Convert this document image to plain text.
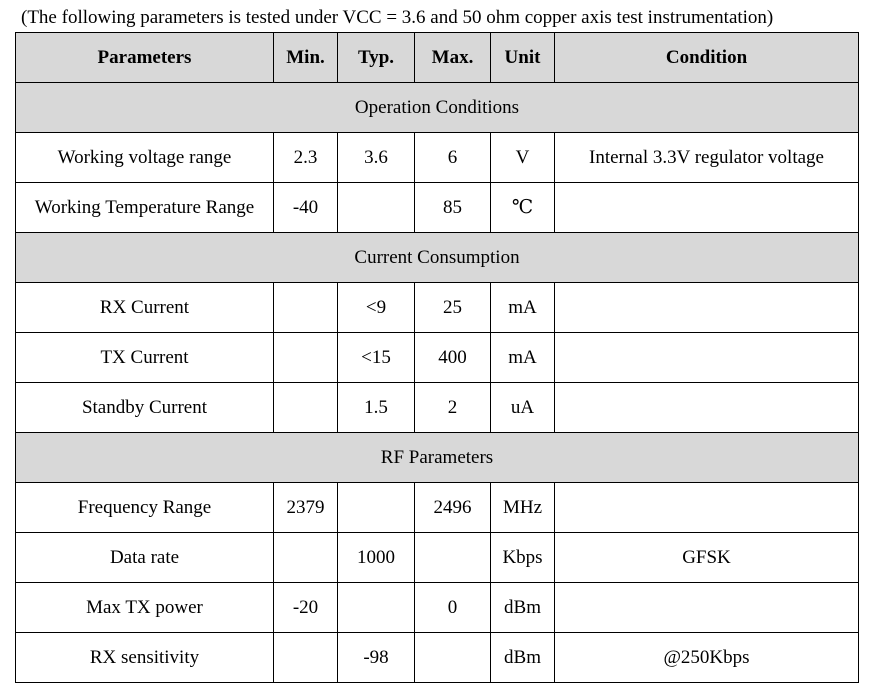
(The following parameters is tested under VCC = 3.6 and 50 ohm copper axis test instrumentation)
Parameters	Min.	Typ.	Max.	Unit	Condition
Operation Conditions					
Working voltage range	2.3	3.6	6	V	Internal 3.3V regulator voltage
Working Temperature Range	-40		85	℃	
Current Consumption					
RX Current		<9	25	mA	
TX Current		<15	400	mA	
Standby Current		1.5	2	uA	
RF Parameters					
Frequency Range	2379		2496	MHz	
Data rate		1000		Kbps	GFSK
Max TX power	-20		0	dBm	
RX sensitivity		-98		dBm	@250Kbps
